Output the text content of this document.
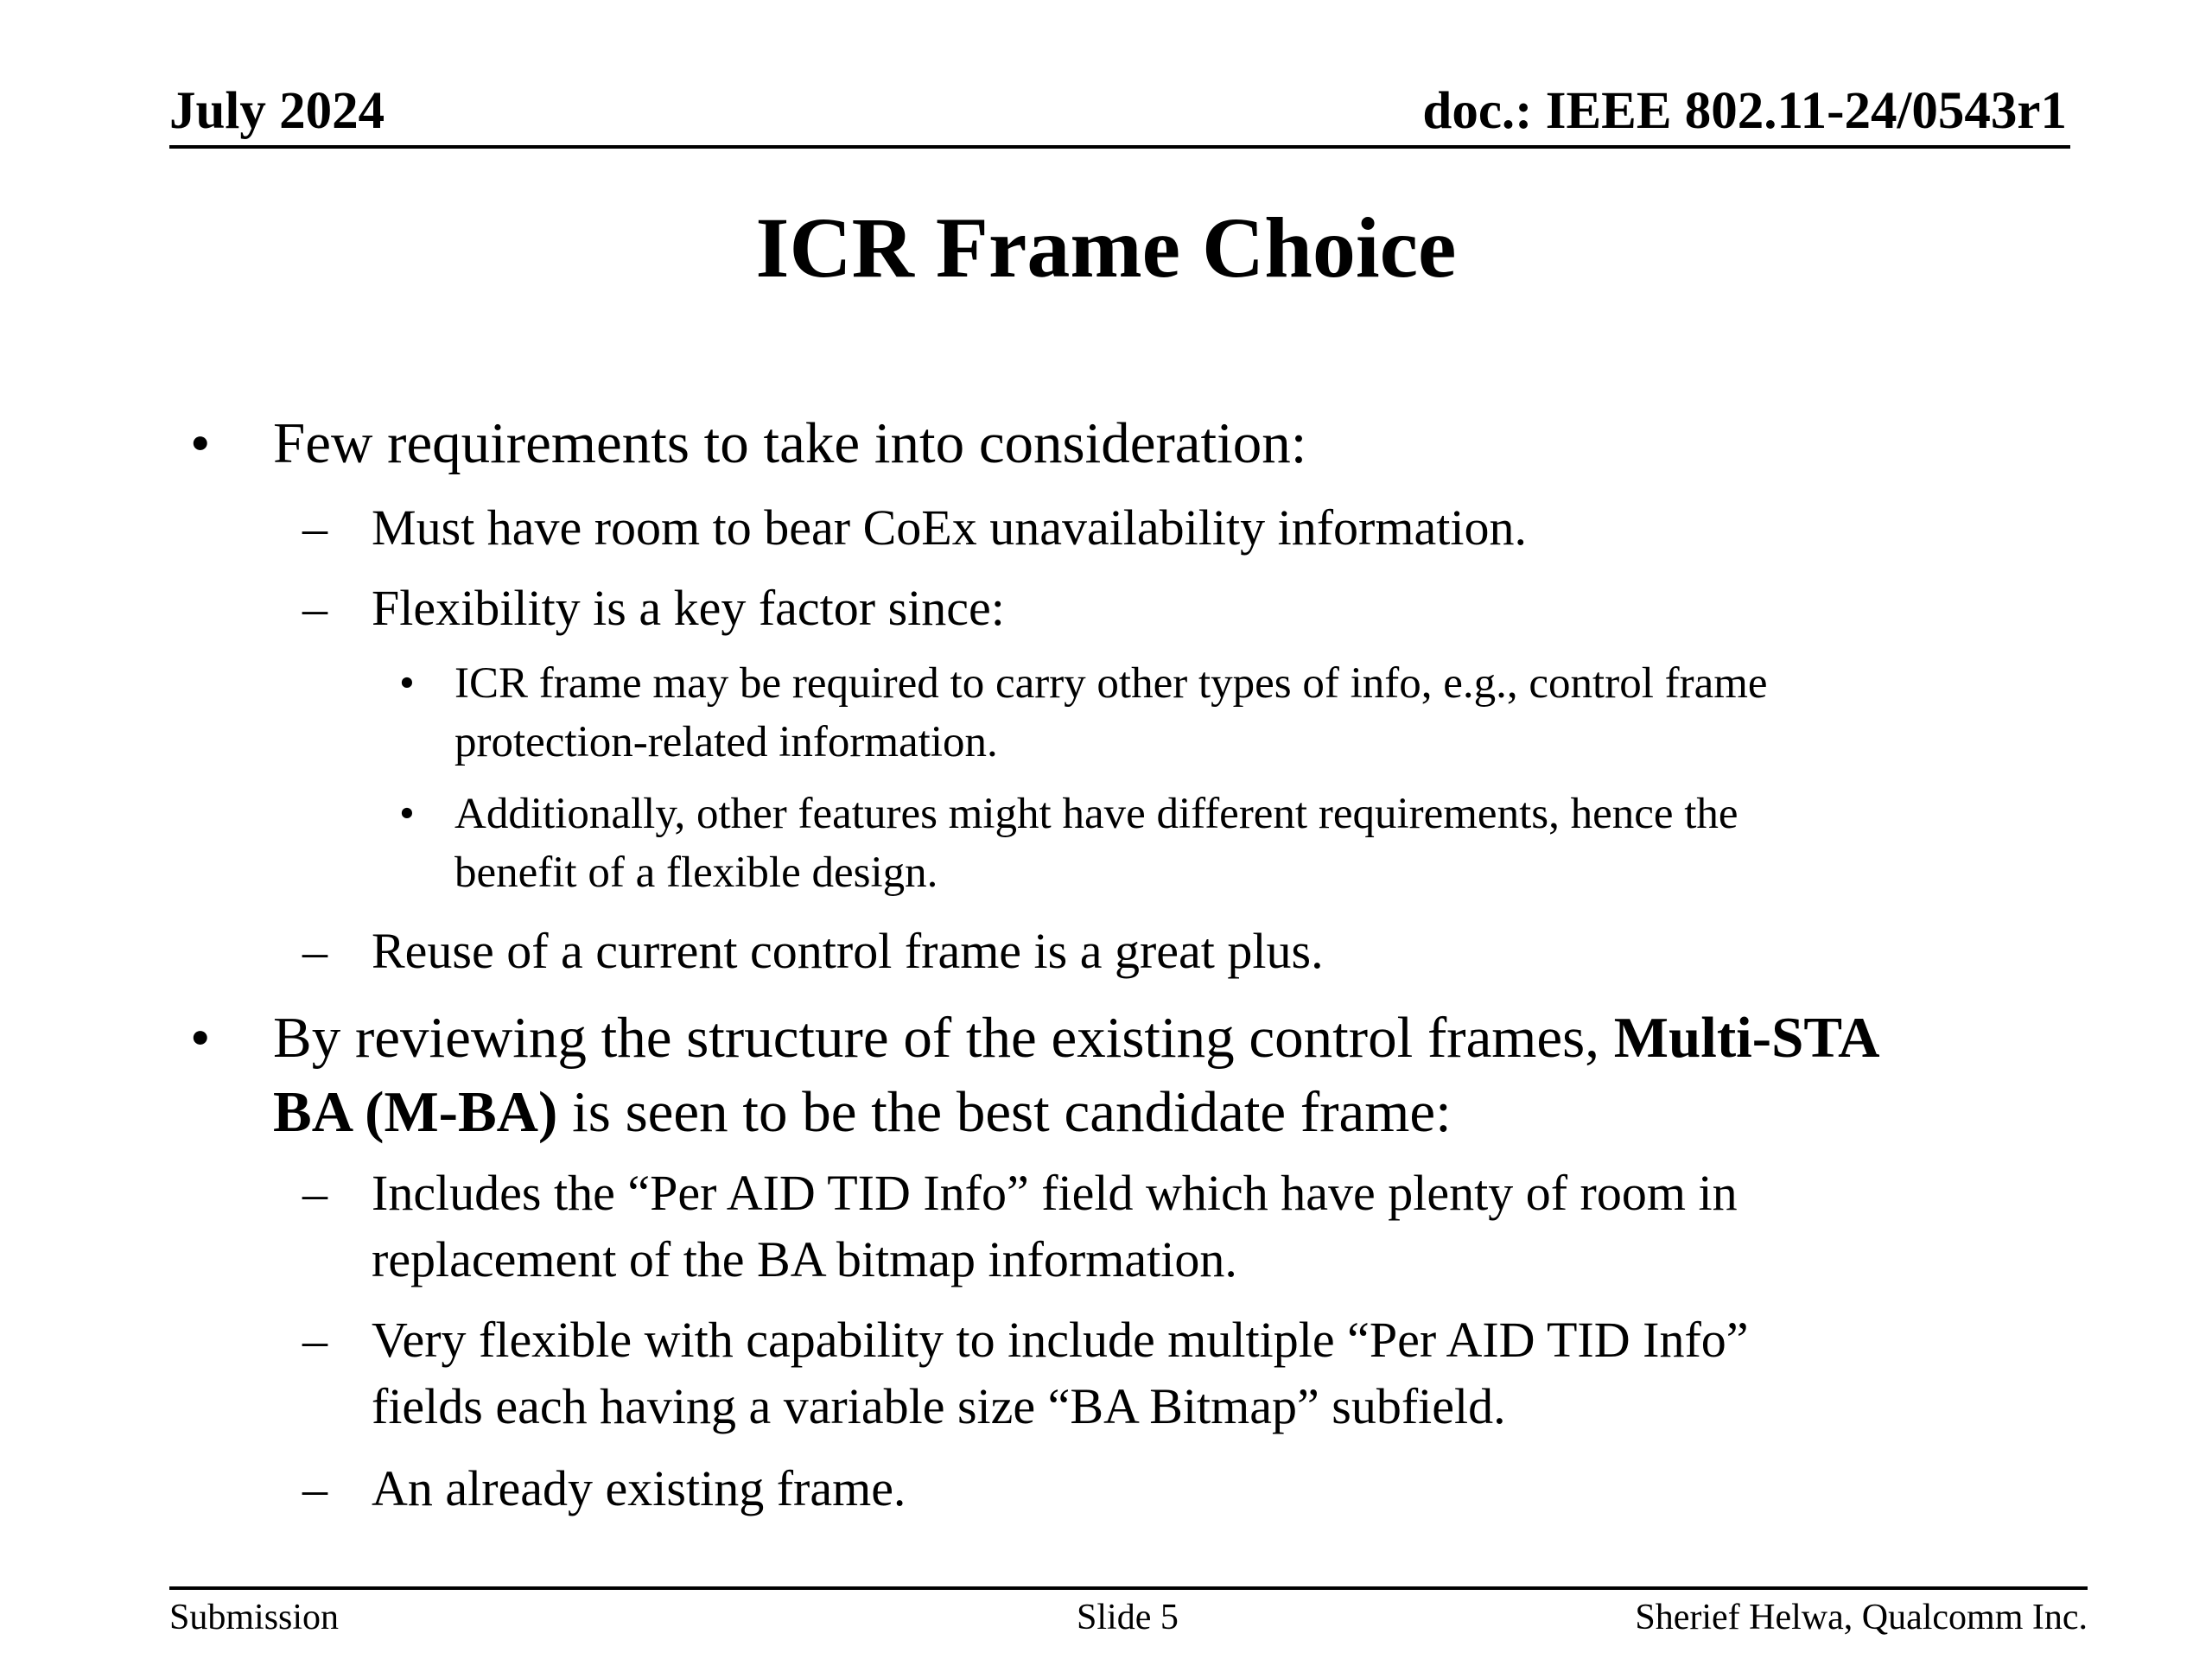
July 2024	doc.: IEEE 802.11-24/0543r1
ICR Frame Choice
• Few requirements to take into consideration:
– Must have room to bear CoEx unavailability information.
– Flexibility is a key factor since:
• ICR frame may be required to carry other types of info, e.g., control frame
protection-related information.
• Additionally, other features might have different requirements, hence the
benefit of a flexible design.
– Reuse of a current control frame is a great plus.
• By reviewing the structure of the existing control frames, Multi-STA
BA (M-BA) is seen to be the best candidate frame:
– Includes the “Per AID TID Info” field which have plenty of room in
replacement of the BA bitmap information.
– Very flexible with capability to include multiple “Per AID TID Info”
fields each having a variable size “BA Bitmap” subfield.
– An already existing frame.
Submission	Slide 5	Sherief Helwa, Qualcomm Inc.
